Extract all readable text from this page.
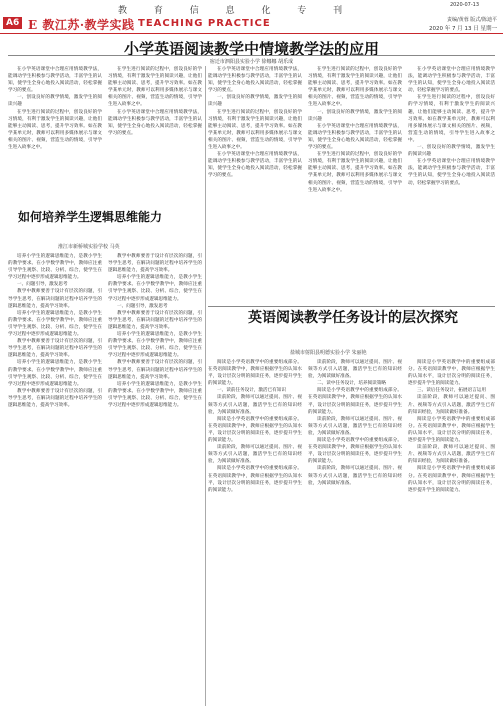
教 育 信 息 化 专 刊
2020-07-13
A6 E 教江苏·教学实践 TEACHING PRACTICE	责编/黄蓉 版式/陈迪平
2020 年 7 月 13 日 星期一
小学英语阅读教学中情境教学法的应用
宿迁市泗阳县实验小学 徐娜娜 胡乐成

在小学英语课堂中合理应用情境教学法，能调动学生积极参与教学活动，丰富学生的认知，使学生全身心地投入阅读活动，轻松掌握学习的要点。

一、创设良好的教学情境，激发学生的阅读兴趣

在学生进行阅读的过程中，创设良好的学习情境，有利于激发学生的阅读兴趣，让他们能够主动阅读、思考，提升学习效率。如在教学某单元时，教师可以利用多媒体展示与课文相关的图片、视频，营造生动的情境，引导学生进入故事之中。

在学生进行阅读的过程中，创设良好的学习情境，有利于激发学生的阅读兴趣，让他们能够主动阅读、思考，提升学习效率。如在教学某单元时，教师可以利用多媒体展示与课文相关的图片、视频，营造生动的情境，引导学生进入故事之中。

在小学英语课堂中合理应用情境教学法，能调动学生积极参与教学活动，丰富学生的认知，使学生全身心地投入阅读活动，轻松掌握学习的要点。

在小学英语课堂中合理应用情境教学法，能调动学生积极参与教学活动，丰富学生的认知，使学生全身心地投入阅读活动，轻松掌握学习的要点。

一、创设良好的教学情境，激发学生的阅读兴趣

在学生进行阅读的过程中，创设良好的学习情境，有利于激发学生的阅读兴趣，让他们能够主动阅读、思考，提升学习效率。如在教学某单元时，教师可以利用多媒体展示与课文相关的图片、视频，营造生动的情境，引导学生进入故事之中。

在小学英语课堂中合理应用情境教学法，能调动学生积极参与教学活动，丰富学生的认知，使学生全身心地投入阅读活动，轻松掌握学习的要点。

在学生进行阅读的过程中，创设良好的学习情境，有利于激发学生的阅读兴趣，让他们能够主动阅读、思考，提升学习效率。如在教学某单元时，教师可以利用多媒体展示与课文相关的图片、视频，营造生动的情境，引导学生进入故事之中。

一、创设良好的教学情境，激发学生的阅读兴趣

在小学英语课堂中合理应用情境教学法，能调动学生积极参与教学活动，丰富学生的认知，使学生全身心地投入阅读活动，轻松掌握学习的要点。

在学生进行阅读的过程中，创设良好的学习情境，有利于激发学生的阅读兴趣，让他们能够主动阅读、思考，提升学习效率。如在教学某单元时，教师可以利用多媒体展示与课文相关的图片、视频，营造生动的情境，引导学生进入故事之中。

在小学英语课堂中合理应用情境教学法，能调动学生积极参与教学活动，丰富学生的认知，使学生全身心地投入阅读活动，轻松掌握学习的要点。

在学生进行阅读的过程中，创设良好的学习情境，有利于激发学生的阅读兴趣，让他们能够主动阅读、思考，提升学习效率。如在教学某单元时，教师可以利用多媒体展示与课文相关的图片、视频，营造生动的情境，引导学生进入故事之中。

一、创设良好的教学情境，激发学生的阅读兴趣

在小学英语课堂中合理应用情境教学法，能调动学生积极参与教学活动，丰富学生的认知，使学生全身心地投入阅读活动，轻松掌握学习的要点。

如何培养学生逻辑思维能力
淮江市新桥城实验学校 马英

培养小学生的逻辑思维能力，是教小学生的教学要求。在小学数学教学中，教师应注重引导学生观察、比较、分析、综合，使学生在学习过程中逐步形成逻辑思维能力。

一、问题引导，激发思考

教学中教师要善于设计有层次的问题，引导学生思考，在解决问题的过程中培养学生的逻辑思维能力，提高学习效率。

培养小学生的逻辑思维能力，是教小学生的教学要求。在小学数学教学中，教师应注重引导学生观察、比较、分析、综合，使学生在学习过程中逐步形成逻辑思维能力。

教学中教师要善于设计有层次的问题，引导学生思考，在解决问题的过程中培养学生的逻辑思维能力，提高学习效率。

培养小学生的逻辑思维能力，是教小学生的教学要求。在小学数学教学中，教师应注重引导学生观察、比较、分析、综合，使学生在学习过程中逐步形成逻辑思维能力。

教学中教师要善于设计有层次的问题，引导学生思考，在解决问题的过程中培养学生的逻辑思维能力，提高学习效率。

教学中教师要善于设计有层次的问题，引导学生思考，在解决问题的过程中培养学生的逻辑思维能力，提高学习效率。

培养小学生的逻辑思维能力，是教小学生的教学要求。在小学数学教学中，教师应注重引导学生观察、比较、分析、综合，使学生在学习过程中逐步形成逻辑思维能力。

一、问题引导，激发思考

教学中教师要善于设计有层次的问题，引导学生思考，在解决问题的过程中培养学生的逻辑思维能力，提高学习效率。

培养小学生的逻辑思维能力，是教小学生的教学要求。在小学数学教学中，教师应注重引导学生观察、比较、分析、综合，使学生在学习过程中逐步形成逻辑思维能力。

教学中教师要善于设计有层次的问题，引导学生思考，在解决问题的过程中培养学生的逻辑思维能力，提高学习效率。

培养小学生的逻辑思维能力，是教小学生的教学要求。在小学数学教学中，教师应注重引导学生观察、比较、分析、综合，使学生在学习过程中逐步形成逻辑思维能力。

英语阅读教学任务设计的层次探究
盐城市射阳县明德实验小学 朱丽艳

阅读是小学英语教学中的重要组成部分。在英语阅读教学中，教师应根据学生的认知水平，设计层次分明的阅读任务，逐步提升学生的阅读能力。

一、读前任务设计，激活已有知识

读前阶段，教师可以通过提问、图片、视频等方式引入话题，激活学生已有的知识经验，为阅读做好准备。

阅读是小学英语教学中的重要组成部分。在英语阅读教学中，教师应根据学生的认知水平，设计层次分明的阅读任务，逐步提升学生的阅读能力。

读前阶段，教师可以通过提问、图片、视频等方式引入话题，激活学生已有的知识经验，为阅读做好准备。

阅读是小学英语教学中的重要组成部分。在英语阅读教学中，教师应根据学生的认知水平，设计层次分明的阅读任务，逐步提升学生的阅读能力。

读前阶段，教师可以通过提问、图片、视频等方式引入话题，激活学生已有的知识经验，为阅读做好准备。

二、读中任务设计，培养阅读策略

阅读是小学英语教学中的重要组成部分。在英语阅读教学中，教师应根据学生的认知水平，设计层次分明的阅读任务，逐步提升学生的阅读能力。

读前阶段，教师可以通过提问、图片、视频等方式引入话题，激活学生已有的知识经验，为阅读做好准备。

阅读是小学英语教学中的重要组成部分。在英语阅读教学中，教师应根据学生的认知水平，设计层次分明的阅读任务，逐步提升学生的阅读能力。

读前阶段，教师可以通过提问、图片、视频等方式引入话题，激活学生已有的知识经验，为阅读做好准备。

阅读是小学英语教学中的重要组成部分。在英语阅读教学中，教师应根据学生的认知水平，设计层次分明的阅读任务，逐步提升学生的阅读能力。

三、读后任务设计，拓展语言运用

读前阶段，教师可以通过提问、图片、视频等方式引入话题，激活学生已有的知识经验，为阅读做好准备。

阅读是小学英语教学中的重要组成部分。在英语阅读教学中，教师应根据学生的认知水平，设计层次分明的阅读任务，逐步提升学生的阅读能力。

读前阶段，教师可以通过提问、图片、视频等方式引入话题，激活学生已有的知识经验，为阅读做好准备。

阅读是小学英语教学中的重要组成部分。在英语阅读教学中，教师应根据学生的认知水平，设计层次分明的阅读任务，逐步提升学生的阅读能力。
